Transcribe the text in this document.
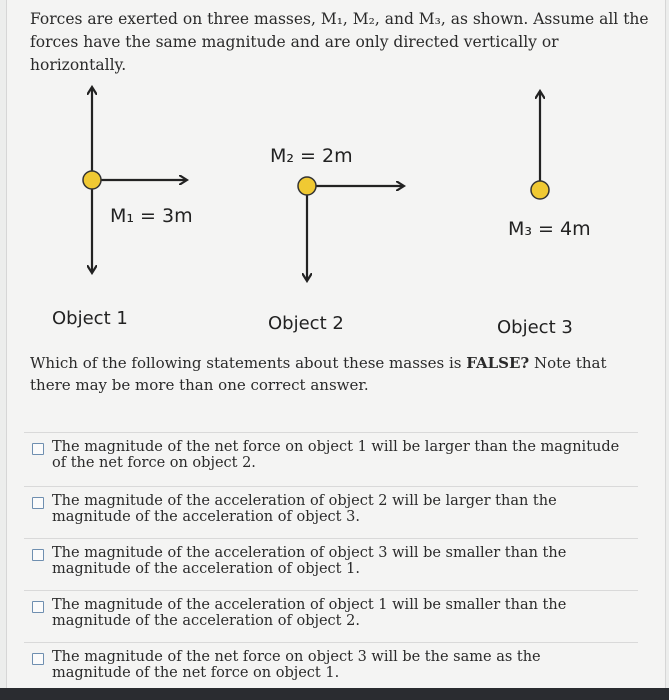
Forces are exerted on three masses, M₁, M₂, and M₃, as shown. Assume all the forces have the same magnitude and are only directed vertically or horizontally.
M₁ = 3m
Object 1
M₂ = 2m
Object 2
M₃ = 4m
Object 3
Which of the following statements about these masses is FALSE? Note that there may be more than one correct answer.
The magnitude of the net force on object 1 will be larger than the magnitude of the net force on object 2.
The magnitude of the acceleration of object 2 will be larger than the magnitude of the acceleration of object 3.
The magnitude of the acceleration of object 3 will be smaller than the magnitude of the acceleration of object 1.
The magnitude of the acceleration of object 1 will be smaller than the magnitude of the acceleration of object 2.
The magnitude of the net force on object 3 will be the same as the magnitude of the net force on object 1.
